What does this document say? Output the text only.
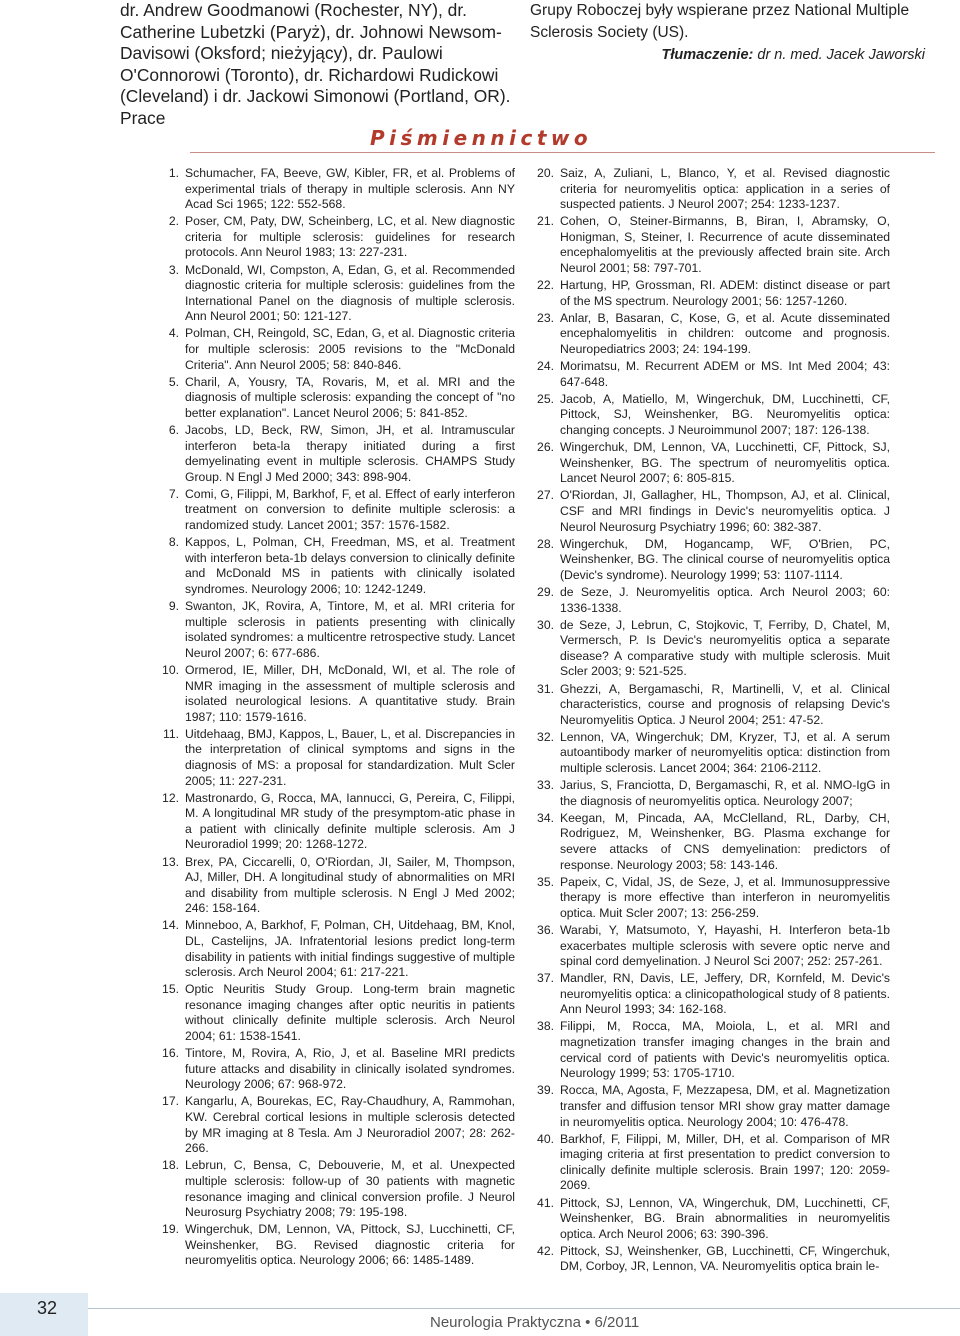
dr. Andrew Goodmanowi (Rochester, NY), dr. Catherine Lubetzki (Paryż), dr. Johnowi Newsom-Davisowi (Oksford; nieżyjący), dr. Paulowi O'Connorowi (Toronto), dr. Richardowi Rudickowi (Cleveland) i dr. Jackowi Simonowi (Portland, OR). Prace

Grupy Roboczej były wspierane przez National Multiple Sclerosis Society (US).

Tłumaczenie: dr n. med. Jacek Jaworski

Piśmiennictwo
1. Schumacher, FA, Beeve, GW, Kibler, FR, et al. Problems of experimental trials of therapy in multiple sclerosis. Ann NY Acad Sci 1965; 122: 552-568.
2. Poser, CM, Paty, DW, Scheinberg, LC, et al. New diagnostic criteria for multiple sclerosis: guidelines for research protocols. Ann Neurol 1983; 13: 227-231.
3. McDonald, WI, Compston, A, Edan, G, et al. Recommended diagnostic criteria for multiple sclerosis: guidelines from the International Panel on the diagnosis of multiple sclerosis. Ann Neurol 2001; 50: 121-127.
4. Polman, CH, Reingold, SC, Edan, G, et al. Diagnostic criteria for multiple sclerosis: 2005 revisions to the "McDonald Criteria". Ann Neurol 2005; 58: 840-846.
5. Charil, A, Yousry, TA, Rovaris, M, et al. MRI and the diagnosis of multiple sclerosis: expanding the concept of "no better explanation". Lancet Neurol 2006; 5: 841-852.
6. Jacobs, LD, Beck, RW, Simon, JH, et al. Intramuscular interferon beta-la therapy initiated during a first demyelinating event in multiple sclerosis. CHAMPS Study Group. N Engl J Med 2000; 343: 898-904.
7. Comi, G, Filippi, M, Barkhof, F, et al. Effect of early interferon treatment on conversion to definite multiple sclerosis: a randomized study. Lancet 2001; 357: 1576-1582.
8. Kappos, L, Polman, CH, Freedman, MS, et al. Treatment with interferon beta-1b delays conversion to clinically definite and McDonald MS in patients with clinically isolated syndromes. Neurology 2006; 10: 1242-1249.
9. Swanton, JK, Rovira, A, Tintore, M, et al. MRI criteria for multiple sclerosis in patients presenting with clinically isolated syndromes: a multicentre retrospective study. Lancet Neurol 2007; 6: 677-686.
10. Ormerod, IE, Miller, DH, McDonald, WI, et al. The role of NMR imaging in the assessment of multiple sclerosis and isolated neurological lesions. A quantitative study. Brain 1987; 110: 1579-1616.
11. Uitdehaag, BMJ, Kappos, L, Bauer, L, et al. Discrepancies in the interpretation of clinical symptoms and signs in the diagnosis of MS: a proposal for standardization. Mult Scler 2005; 11: 227-231.
12. Mastronardo, G, Rocca, MA, Iannucci, G, Pereira, C, Filippi, M. A longitudinal MR study of the presymptom-atic phase in a patient with clinically definite multiple sclerosis. Am J Neuroradiol 1999; 20: 1268-1272.
13. Brex, PA, Ciccarelli, 0, O'Riordan, JI, Sailer, M, Thompson, AJ, Miller, DH. A longitudinal study of abnormalities on MRI and disability from multiple sclerosis. N Engl J Med 2002; 246: 158-164.
14. Minneboo, A, Barkhof, F, Polman, CH, Uitdehaag, BM, Knol, DL, Castelijns, JA. Infratentorial lesions predict long-term disability in patients with initial findings suggestive of multiple sclerosis. Arch Neurol 2004; 61: 217-221.
15. Optic Neuritis Study Group. Long-term brain magnetic resonance imaging changes after optic neuritis in patients without clinically definite multiple sclerosis. Arch Neurol 2004; 61: 1538-1541.
16. Tintore, M, Rovira, A, Rio, J, et al. Baseline MRI predicts future attacks and disability in clinically isolated syndromes. Neurology 2006; 67: 968-972.
17. Kangarlu, A, Bourekas, EC, Ray-Chaudhury, A, Rammohan, KW. Cerebral cortical lesions in multiple sclerosis detected by MR imaging at 8 Tesla. Am J Neuroradiol 2007; 28: 262-266.
18. Lebrun, C, Bensa, C, Debouverie, M, et al. Unexpected multiple sclerosis: follow-up of 30 patients with magnetic resonance imaging and clinical conversion profile. J Neurol Neurosurg Psychiatry 2008; 79: 195-198.
19. Wingerchuk, DM, Lennon, VA, Pittock, SJ, Lucchinetti, CF, Weinshenker, BG. Revised diagnostic criteria for neuromyelitis optica. Neurology 2006; 66: 1485-1489.
20. Saiz, A, Zuliani, L, Blanco, Y, et al. Revised diagnostic criteria for neuromyelitis optica: application in a series of suspected patients. J Neurol 2007; 254: 1233-1237.
21. Cohen, O, Steiner-Birmanns, B, Biran, I, Abramsky, O, Honigman, S, Steiner, I. Recurrence of acute disseminated encephalomyelitis at the previously affected brain site. Arch Neurol 2001; 58: 797-701.
22. Hartung, HP, Grossman, RI. ADEM: distinct disease or part of the MS spectrum. Neurology 2001; 56: 1257-1260.
23. Anlar, B, Basaran, C, Kose, G, et al. Acute disseminated encephalomyelitis in children: outcome and prognosis. Neuropediatrics 2003; 24: 194-199.
24. Morimatsu, M. Recurrent ADEM or MS. Int Med 2004; 43: 647-648.
25. Jacob, A, Matiello, M, Wingerchuk, DM, Lucchinetti, CF, Pittock, SJ, Weinshenker, BG. Neuromyelitis optica: changing concepts. J Neuroimmunol 2007; 187: 126-138.
26. Wingerchuk, DM, Lennon, VA, Lucchinetti, CF, Pittock, SJ, Weinshenker, BG. The spectrum of neuromyelitis optica. Lancet Neurol 2007; 6: 805-815.
27. O'Riordan, JI, Gallagher, HL, Thompson, AJ, et al. Clinical, CSF and MRI findings in Devic's neuromyelitis optica. J Neurol Neurosurg Psychiatry 1996; 60: 382-387.
28. Wingerchuk, DM, Hogancamp, WF, O'Brien, PC, Weinshenker, BG. The clinical course of neuromyelitis optica (Devic's syndrome). Neurology 1999; 53: 1107-1114.
29. de Seze, J. Neuromyelitis optica. Arch Neurol 2003; 60: 1336-1338.
30. de Seze, J, Lebrun, C, Stojkovic, T, Ferriby, D, Chatel, M, Vermersch, P. Is Devic's neuromyelitis optica a separate disease? A comparative study with multiple sclerosis. Muit Scler 2003; 9: 521-525.
31. Ghezzi, A, Bergamaschi, R, Martinelli, V, et al. Clinical characteristics, course and prognosis of relapsing Devic's Neuromyelitis Optica. J Neurol 2004; 251: 47-52.
32. Lennon, VA, Wingerchuk; DM, Kryzer, TJ, et al. A serum autoantibody marker of neuromyelitis optica: distinction from multiple sclerosis. Lancet 2004; 364: 2106-2112.
33. Jarius, S, Franciotta, D, Bergamaschi, R, et al. NMO-IgG in the diagnosis of neuromyelitis optica. Neurology 2007;
34. Keegan, M, Pincada, AA, McClelland, RL, Darby, CH, Rodriguez, M, Weinshenker, BG. Plasma exchange for severe attacks of CNS demyelination: predictors of response. Neurology 2003; 58: 143-146.
35. Papeix, C, Vidal, JS, de Seze, J, et al. Immunosuppressive therapy is more effective than interferon in neuromyelitis optica. Muit Scler 2007; 13: 256-259.
36. Warabi, Y, Matsumoto, Y, Hayashi, H. Interferon beta-1b exacerbates multiple sclerosis with severe optic nerve and spinal cord demyelination. J Neurol Sci 2007; 252: 257-261.
37. Mandler, RN, Davis, LE, Jeffery, DR, Kornfeld, M. Devic's neuromyelitis optica: a clinicopathological study of 8 patients. Ann Neurol 1993; 34: 162-168.
38. Filippi, M, Rocca, MA, Moiola, L, et al. MRI and magnetization transfer imaging changes in the brain and cervical cord of patients with Devic's neuromyelitis optica. Neurology 1999; 53: 1705-1710.
39. Rocca, MA, Agosta, F, Mezzapesa, DM, et al. Magnetization transfer and diffusion tensor MRI show gray matter damage in neuromyelitis optica. Neurology 2004; 10: 476-478.
40. Barkhof, F, Filippi, M, Miller, DH, et al. Comparison of MR imaging criteria at first presentation to predict conversion to clinically definite multiple sclerosis. Brain 1997; 120: 2059-2069.
41. Pittock, SJ, Lennon, VA, Wingerchuk, DM, Lucchinetti, CF, Weinshenker, BG. Brain abnormalities in neuromyelitis optica. Arch Neurol 2006; 63: 390-396.
42. Pittock, SJ, Weinshenker, GB, Lucchinetti, CF, Wingerchuk, DM, Corboy, JR, Lennon, VA. Neuromyelitis optica brain le-
32
Neurologia Praktyczna • 6/2011
